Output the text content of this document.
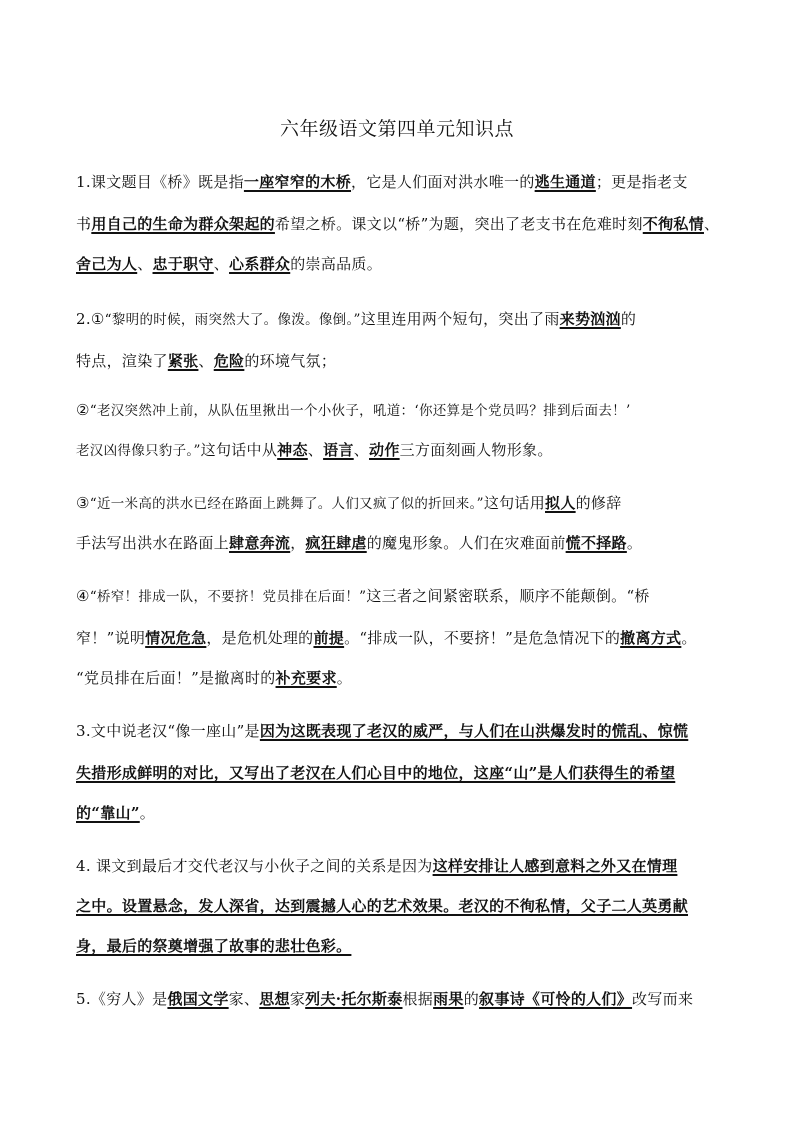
六年级语文第四单元知识点
1.课文题目《桥》既是指一座窄窄的木桥，它是人们面对洪水唯一的逃生通道；更是指老支
书用自己的生命为群众架起的希望之桥。课文以“桥”为题，突出了老支书在危难时刻不徇私情、
舍己为人、忠于职守、心系群众的崇高品质。
2.①“黎明的时候，雨突然大了。像泼。像倒。”这里连用两个短句，突出了雨来势汹汹的
特点，渲染了紧张、危险的环境气氛；
②“老汉突然冲上前，从队伍里揪出一个小伙子，吼道：‘你还算是个党员吗？排到后面去！’
老汉凶得像只豹子。”这句话中从神态、语言、动作三方面刻画人物形象。
③“近一米高的洪水已经在路面上跳舞了。人们又疯了似的折回来。”这句话用拟人的修辞
手法写出洪水在路面上肆意奔流，疯狂肆虐的魔鬼形象。人们在灾难面前慌不择路。
④“桥窄！排成一队，不要挤！党员排在后面！”这三者之间紧密联系，顺序不能颠倒。“桥
窄！”说明情况危急，是危机处理的前提。“排成一队，不要挤！”是危急情况下的撤离方式。
“党员排在后面！”是撤离时的补充要求。
3.文中说老汉“像一座山”是因为这既表现了老汉的威严，与人们在山洪爆发时的慌乱、惊慌
失措形成鲜明的对比，又写出了老汉在人们心目中的地位，这座“山”是人们获得生的希望
的“靠山”。
4. 课文到最后才交代老汉与小伙子之间的关系是因为这样安排让人感到意料之外又在情理
之中。设置悬念，发人深省，达到震撼人心的艺术效果。老汉的不徇私情，父子二人英勇献
身，最后的祭奠增强了故事的悲壮色彩。
5.《穷人》是俄国文学家、思想家列夫·托尔斯泰根据雨果的叙事诗《可怜的人们》改写而来
